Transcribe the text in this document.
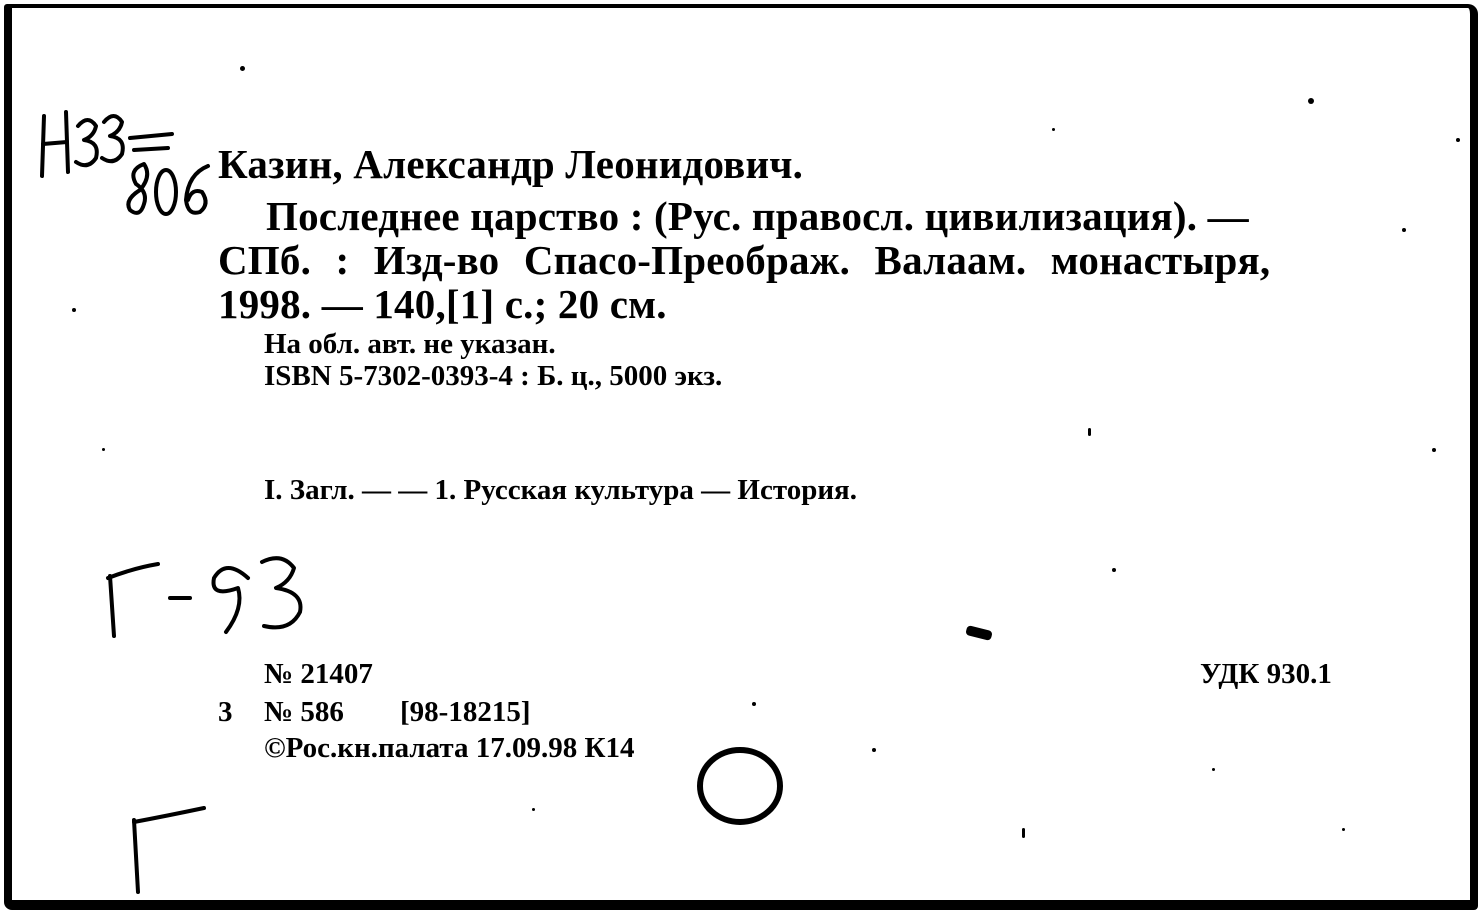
Казин, Александр Леонидович.
Последнее царство : (Рус. правосл. цивилизация). —
СПб. : Изд-во Спасо-Преображ. Валаам. монастыря,
1998. — 140,[1] с.; 20 см.
На обл. авт. не указан.
ISBN 5-7302-0393-4 : Б. ц., 5000 экз.
I. Загл. — — 1. Русская культура — История.
№ 21407
3 № 586 [98-18215]
©Рос.кн.палата 17.09.98 К14
УДК 930.1
